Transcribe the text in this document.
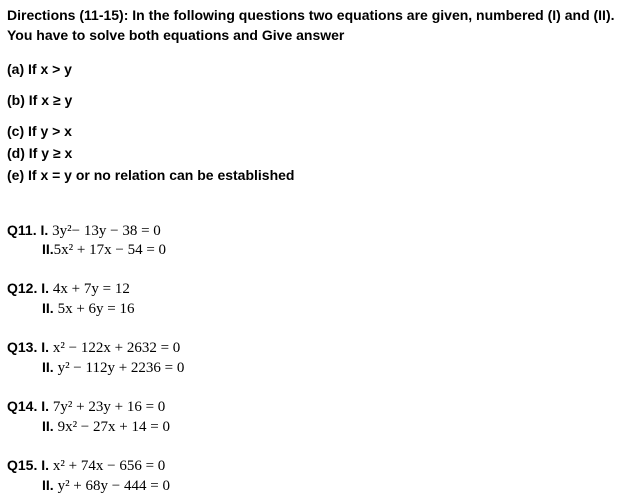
Directions (11-15): In the following questions two equations are given, numbered (I) and (II).
You have to solve both equations and Give answer
(a) If x > y
(b) If x ≥ y
(c) If y > x
(d) If y ≥ x
(e) If x = y or no relation can be established
Q11. I. 3y²− 13y − 38 = 0
II.5x² + 17x − 54 = 0
Q12. I. 4x + 7y = 12
II. 5x + 6y = 16
Q13. I. x² − 122x + 2632 = 0
II. y² − 112y + 2236 = 0
Q14. I. 7y² + 23y + 16 = 0
II. 9x² − 27x + 14 = 0
Q15. I. x² + 74x − 656 = 0
II. y² + 68y − 444 = 0
